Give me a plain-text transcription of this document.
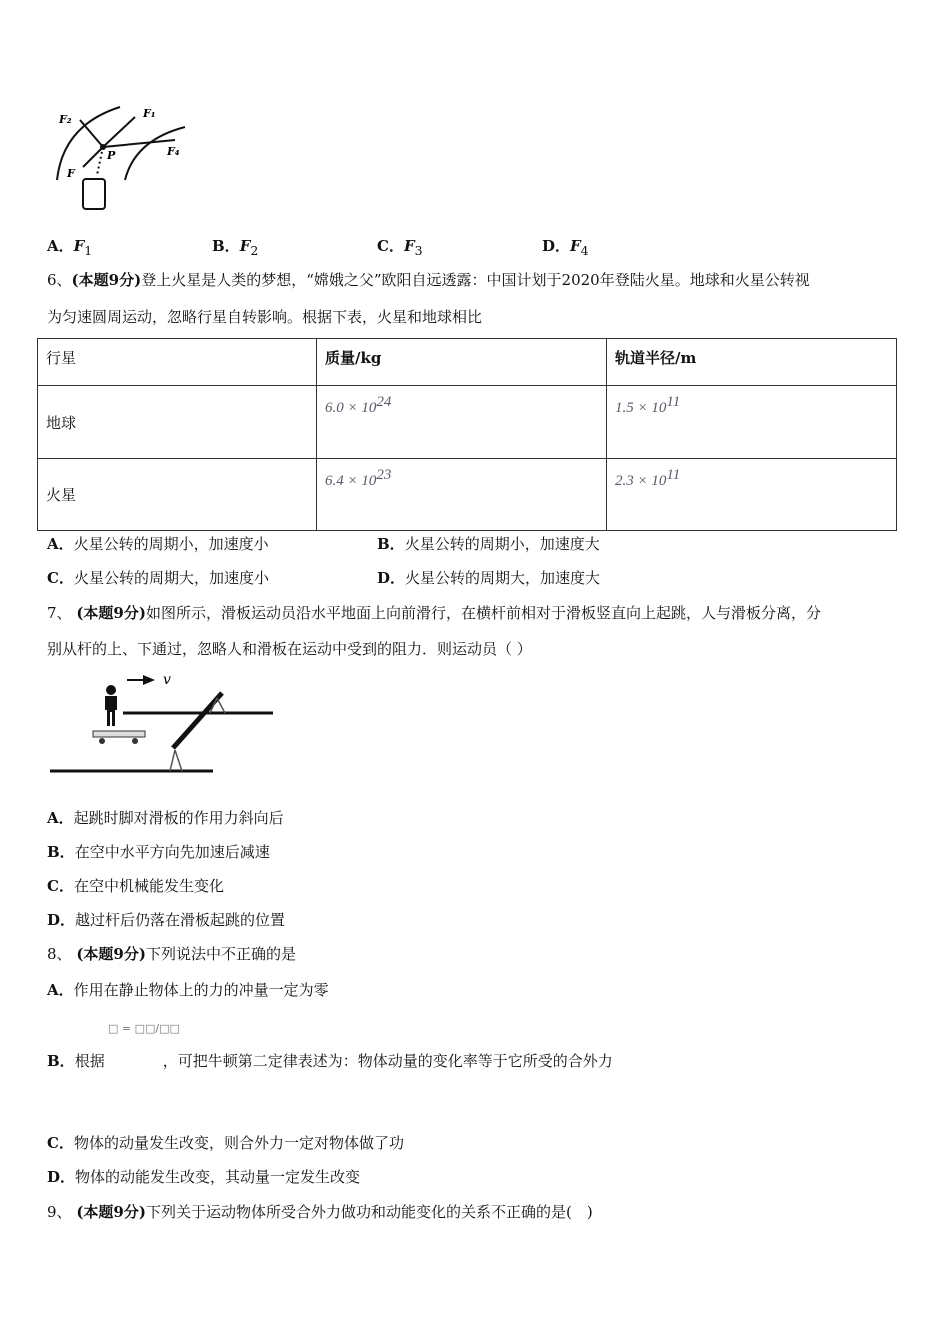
F₂	F₁
F₄
F
P
A．$F_1$	B．$F_2$	C．$F_3$	D．$F_4$
6、(本题9分)登上火星是人类的梦想，“嫦娥之父”欧阳自远透露：中国计划于2020年登陆火星。地球和火星公转视
为匀速圆周运动，忽略行星自转影响。根据下表，火星和地球相比
行星	质量/kg	轨道半径/m
地球	$6.0 \times 10^{24}$	$1.5 \times 10^{11}$
火星	$6.4 \times 10^{23}$	$2.3 \times 10^{11}$
A．火星公转的周期小，加速度小	B．火星公转的周期小，加速度大
C．火星公转的周期大，加速度小	D．火星公转的周期大，加速度大
7、 (本题9分)如图所示，滑板运动员沿水平地面上向前滑行，在横杆前相对于滑板竖直向上起跳，人与滑板分离，分
别从杆的上、下通过，忽略人和滑板在运动中受到的阻力．则运动员（ ）
v
A．起跳时脚对滑板的作用力斜向后
B．在空中水平方向先加速后减速
C．在空中机械能发生变化
D．越过杆后仍落在滑板起跳的位置
8、 (本题9分)下列说法中不正确的是
A．作用在静止物体上的力的冲量一定为零
□ = □□/□□
B．根据	，可把牛顿第二定律表述为：物体动量的变化率等于它所受的合外力
C．物体的动量发生改变，则合外力一定对物体做了功
D．物体的动能发生改变，其动量一定发生改变
9、 (本题9分)下列关于运动物体所受合外力做功和动能变化的关系不正确的是(　)
